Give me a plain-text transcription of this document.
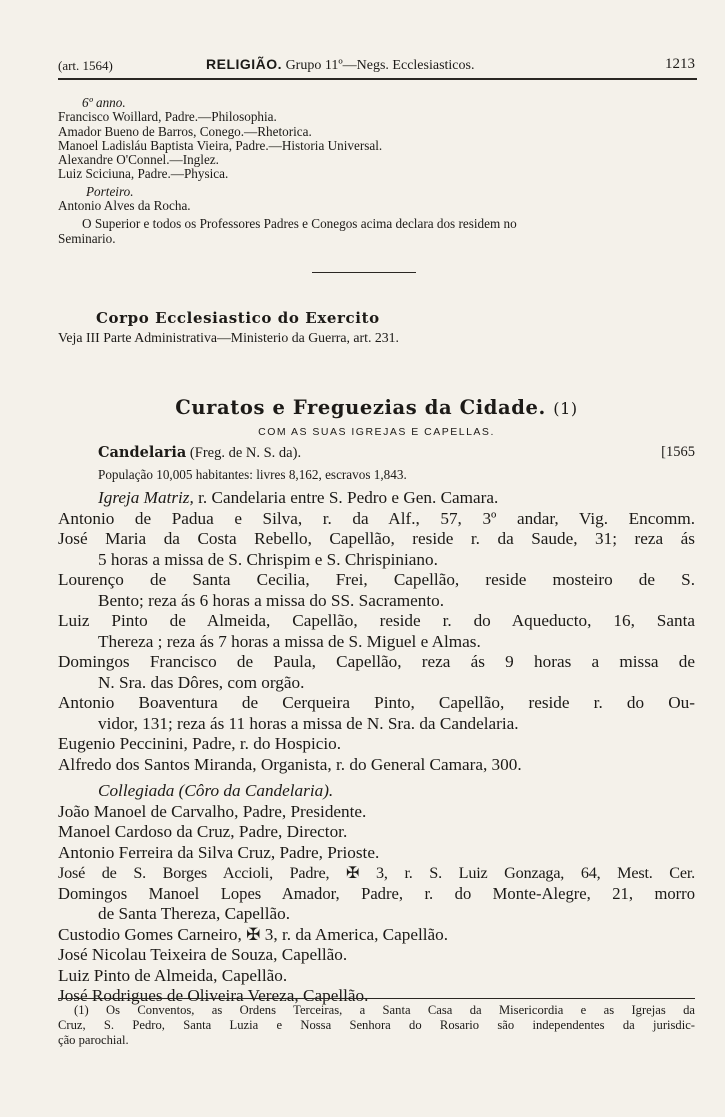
(art. 1564)	RELIGIÃO. Grupo 11º—Negs. Ecclesiasticos.	1213
6º anno.
Francisco Woillard, Padre.—Philosophia.
Amador Bueno de Barros, Conego.—Rhetorica.
Manoel Ladisláu Baptista Vieira, Padre.—Historia Universal.
Alexandre O'Connel.—Inglez.
Luiz Sciciuna, Padre.—Physica.
Porteiro.
Antonio Alves da Rocha.
O Superior e todos os Professores Padres e Conegos acima declara dos residem no
Seminario.
Corpo Ecclesiastico do Exercito
Veja III Parte Administrativa—Ministerio da Guerra, art. 231.
Curatos e Freguezias da Cidade. (1)
COM AS SUAS IGREJAS E CAPELLAS.
Candelaria (Freg. de N. S. da).	[1565
População 10,005 habitantes: livres 8,162, escravos 1,843.
Igreja Matriz, r. Candelaria entre S. Pedro e Gen. Camara.
Antonio de Padua e Silva, r. da Alf., 57, 3º andar, Vig. Encomm.
José Maria da Costa Rebello, Capellão, reside r. da Saude, 31; reza ás
5 horas a missa de S. Chrispim e S. Chrispiniano.
Lourenço de Santa Cecilia, Frei, Capellão, reside mosteiro de S.
Bento; reza ás 6 horas a missa do SS. Sacramento.
Luiz Pinto de Almeida, Capellão, reside r. do Aqueducto, 16, Santa
Thereza ; reza ás 7 horas a missa de S. Miguel e Almas.
Domingos Francisco de Paula, Capellão, reza ás 9 horas a missa de
N. Sra. das Dôres, com orgão.
Antonio Boaventura de Cerqueira Pinto, Capellão, reside r. do Ou-
vidor, 131; reza ás 11 horas a missa de N. Sra. da Candelaria.
Eugenio Peccinini, Padre, r. do Hospicio.
Alfredo dos Santos Miranda, Organista, r. do General Camara, 300.
Collegiada (Côro da Candelaria).
João Manoel de Carvalho, Padre, Presidente.
Manoel Cardoso da Cruz, Padre, Director.
Antonio Ferreira da Silva Cruz, Padre, Prioste.
José de S. Borges Accioli, Padre, ✠ 3, r. S. Luiz Gonzaga, 64, Mest. Cer.
Domingos Manoel Lopes Amador, Padre, r. do Monte-Alegre, 21, morro
de Santa Thereza, Capellão.
Custodio Gomes Carneiro, ✠ 3, r. da America, Capellão.
José Nicolau Teixeira de Souza, Capellão.
Luiz Pinto de Almeida, Capellão.
José Rodrigues de Oliveira Vereza, Capellão.
(1) Os Conventos, as Ordens Terceiras, a Santa Casa da Misericordia e as Igrejas da
Cruz, S. Pedro, Santa Luzia e Nossa Senhora do Rosario são independentes da jurisdic-
ção parochial.
